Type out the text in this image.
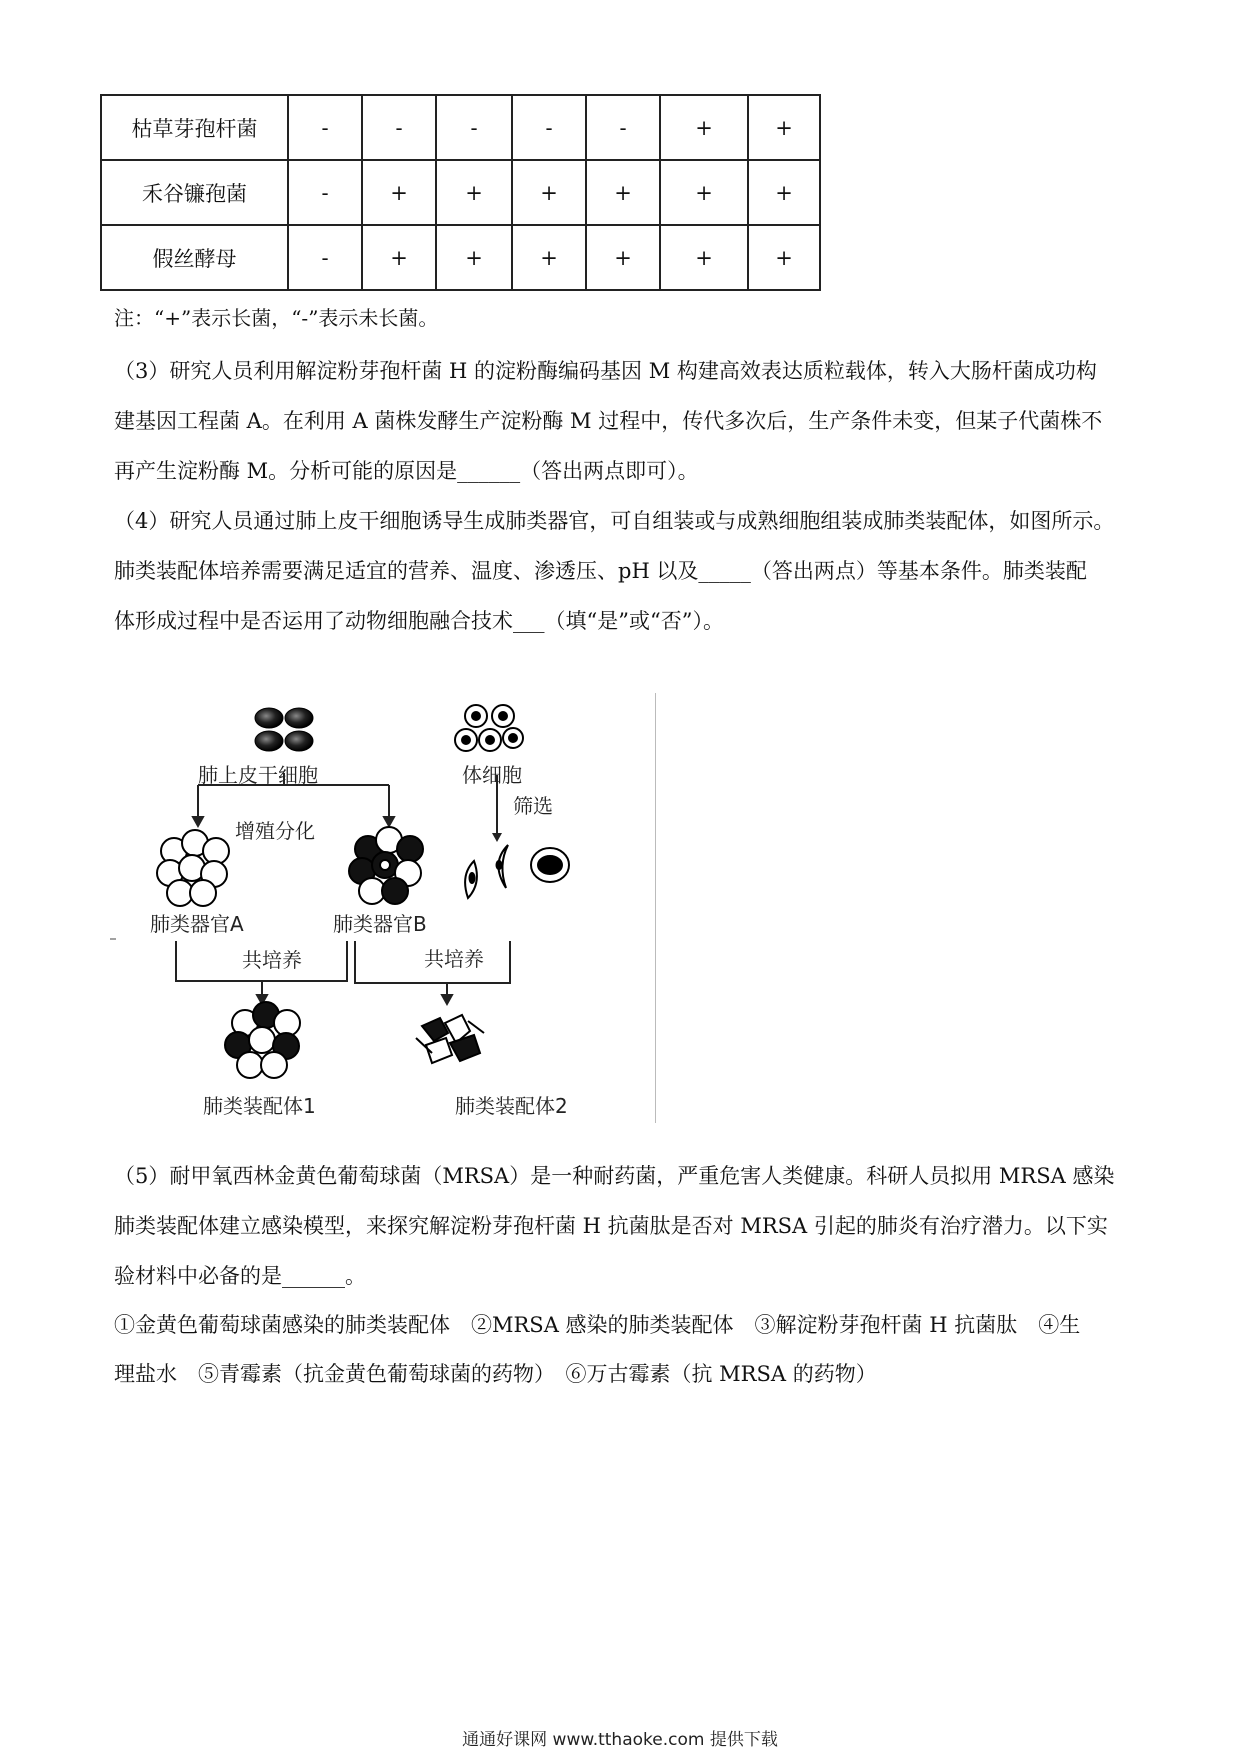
枯草芽孢杆菌	-	-	-	-	-	+	+
禾谷镰孢菌	-	+	+	+	+	+	+
假丝酵母	-	+	+	+	+	+	+
注：“+”表示长菌，“-”表示未长菌。
（3）研究人员利用解淀粉芽孢杆菌 H 的淀粉酶编码基因 M 构建高效表达质粒载体，转入大肠杆菌成功构
建基因工程菌 A。在利用 A 菌株发酵生产淀粉酶 M 过程中，传代多次后，生产条件未变，但某子代菌株不
再产生淀粉酶 M。分析可能的原因是______（答出两点即可）。
（4）研究人员通过肺上皮干细胞诱导生成肺类器官，可自组装或与成熟细胞组装成肺类装配体，如图所示。
肺类装配体培养需要满足适宜的营养、温度、渗透压、pH 以及_____（答出两点）等基本条件。肺类装配
体形成过程中是否运用了动物细胞融合技术___（填“是”或“否”）。
肺上皮干细胞	体细胞
筛选
增殖分化
肺类器官A	肺类器官B
共培养	共培养
肺类装配体1	肺类装配体2
（5）耐甲氧西林金黄色葡萄球菌（MRSA）是一种耐药菌，严重危害人类健康。科研人员拟用 MRSA 感染
肺类装配体建立感染模型，来探究解淀粉芽孢杆菌 H 抗菌肽是否对 MRSA 引起的肺炎有治疗潜力。以下实
验材料中必备的是______。
①金黄色葡萄球菌感染的肺类装配体　②MRSA 感染的肺类装配体　③解淀粉芽孢杆菌 H 抗菌肽　④生
理盐水　⑤青霉素（抗金黄色葡萄球菌的药物）　⑥万古霉素（抗 MRSA 的药物）
通通好课网 www.tthaoke.com 提供下载
